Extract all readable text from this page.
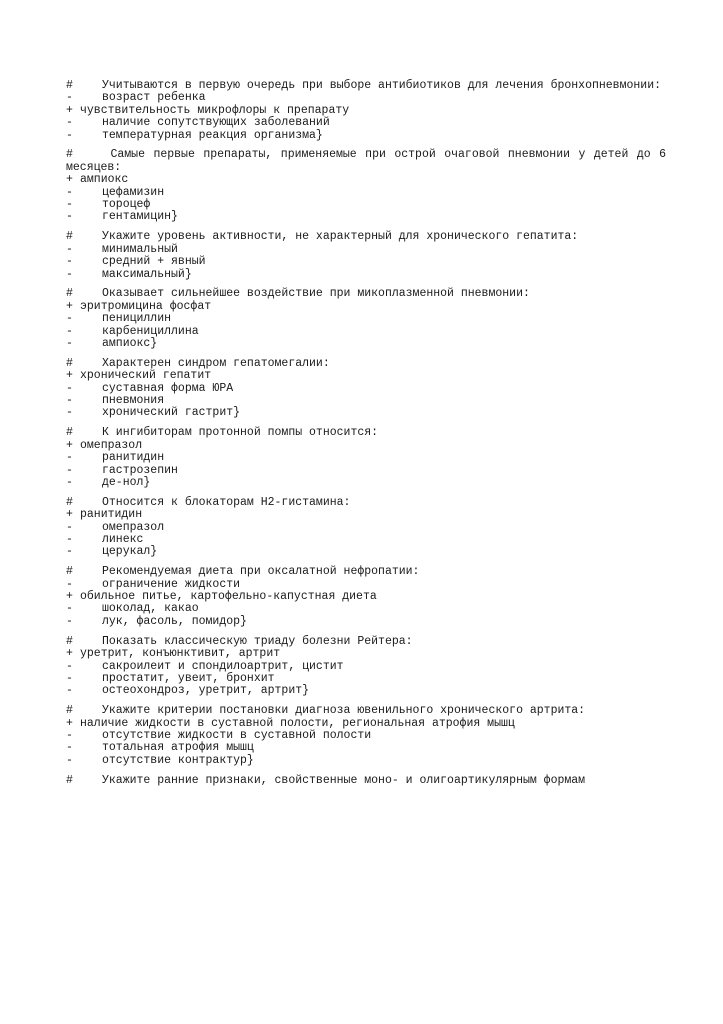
#	Учитываются в первую очередь при выборе антибиотиков для лечения бронхопневмонии:
-	возраст ребенка
+ чувствительность микрофлоры к препарату
-	наличие сопутствующих заболеваний
-	температурная реакция организма}
#	Самые первые препараты, применяемые при острой очаговой пневмонии у детей до 6 месяцев:
+ ампиокс
-	цефамизин
-	тороцеф
-	гентамицин}
#	Укажите уровень активности, не характерный для хронического гепатита:
-	минимальный
-	средний + явный
-	максимальный}
#	Оказывает сильнейшее воздействие при микоплазменной пневмонии:
+ эритромицина фосфат
-	пенициллин
-	карбенициллина
-	ампиокс}
#	Характерен синдром гепатомегалии:
+ хронический гепатит
-	суставная форма ЮРА
-	пневмония
-	хронический гастрит}
#	К ингибиторам протонной помпы относится:
+ омепразол
-	ранитидин
-	гастрозепин
-	де-нол}
#	Относится к блокаторам Н2-гистамина:
+ ранитидин
-	омепразол
-	линекс
-	церукал}
#	Рекомендуемая диета при оксалатной нефропатии:
-	ограничение жидкости
+ обильное питье, картофельно-капустная диета
-	шоколад, какао
-	лук, фасоль, помидор}
#	Показать классическую триаду болезни Рейтера:
+ уретрит, конъюнктивит, артрит
-	сакроилеит и спондилоартрит, цистит
-	простатит, увеит, бронхит
-	остеохондроз, уретрит, артрит}
#	Укажите критерии постановки диагноза ювенильного хронического артрита:
+ наличие жидкости в суставной полости, региональная атрофия мышц
-	отсутствие жидкости в суставной полости
-	тотальная атрофия мышц
-	отсутствие контрактур}
#	Укажите ранние признаки, свойственные моно- и олигоартикулярным формам
